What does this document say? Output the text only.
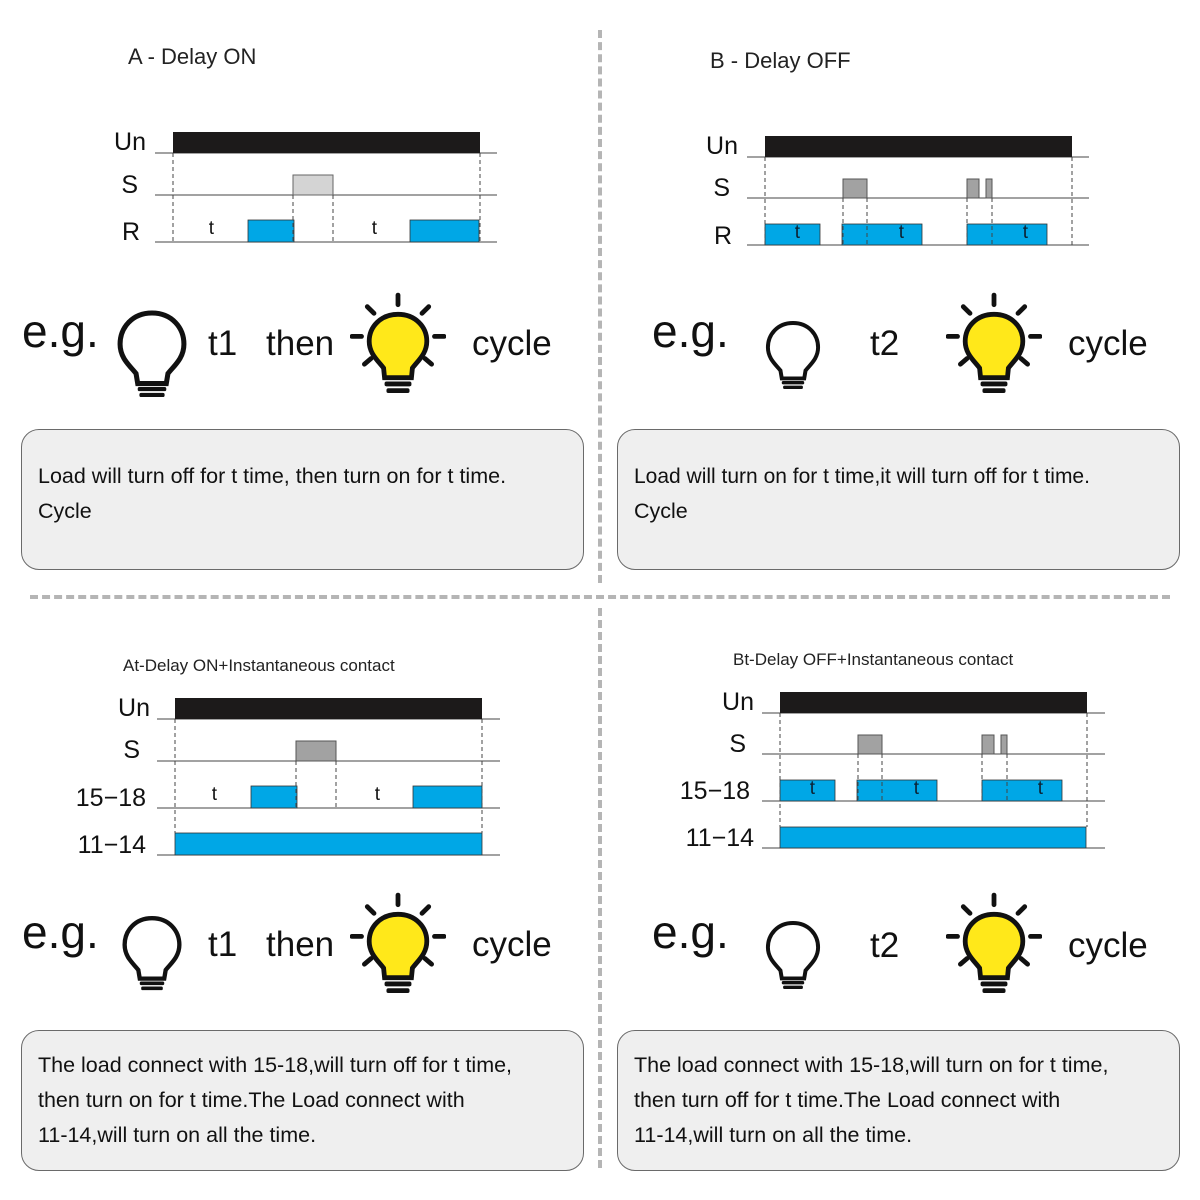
A - Delay ON
Un
S
R	t	t
e.g.	t1 then	cycle

Load will turn off for t time, then turn on for t time.

Cycle

B - Delay OFF
Un
S
R	t	t	t
e.g.	t2	cycle

Load will turn on for t time,it will turn off for t time.

Cycle

At-Delay ON+Instantaneous contact
Un
S
15−18
11−14
t	t
e.g.	t1 then	cycle

The load connect with 15-18,will turn off for t time,

then turn on for t time.The Load connect with

11-14,will turn on all the time.

Bt-Delay OFF+Instantaneous contact
Un
S
15−18
11−14
t	t	t
e.g.	t2	cycle

The load connect with 15-18,will turn on for t time,

then turn off for t time.The Load connect with

11-14,will turn on all the time.
